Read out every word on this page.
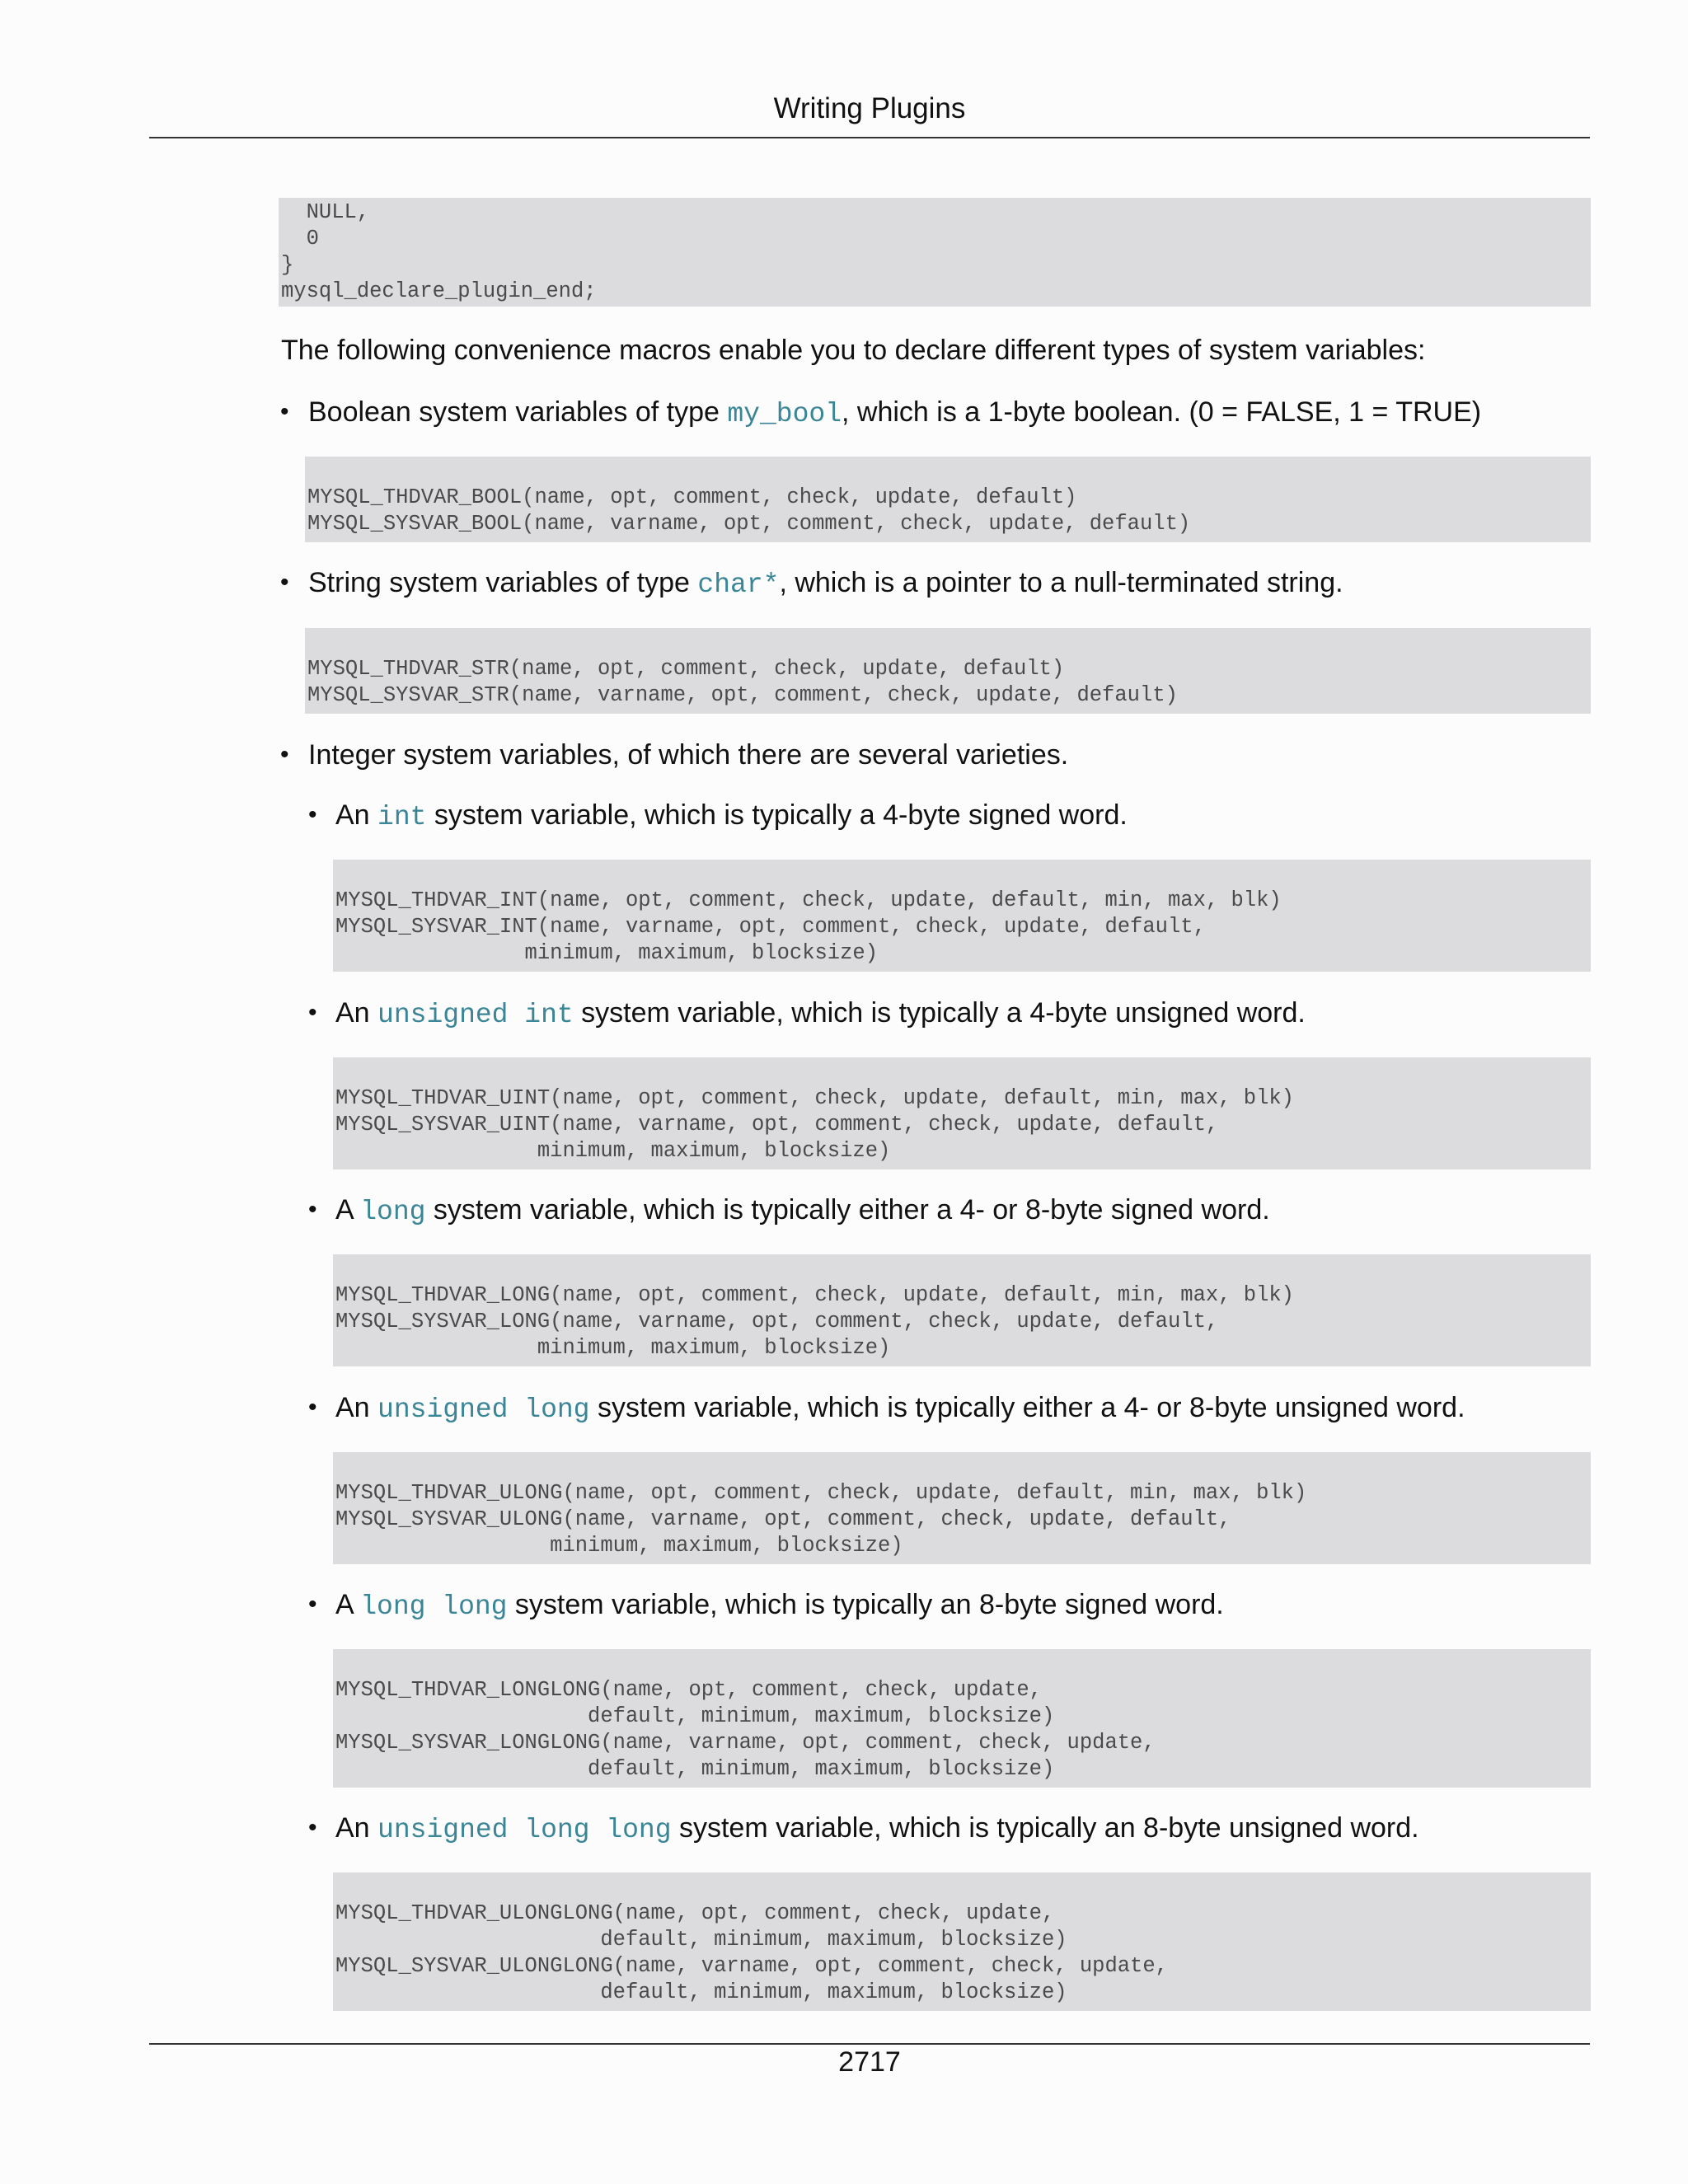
Writing Plugins
NULL,
0
}
mysql_declare_plugin_end;
The following convenience macros enable you to declare different types of system variables:
• Boolean system variables of type my_bool, which is a 1-byte boolean. (0 = FALSE, 1 = TRUE)
MYSQL_THDVAR_BOOL(name, opt, comment, check, update, default)
MYSQL_SYSVAR_BOOL(name, varname, opt, comment, check, update, default)
• String system variables of type char*, which is a pointer to a null-terminated string.
MYSQL_THDVAR_STR(name, opt, comment, check, update, default)
MYSQL_SYSVAR_STR(name, varname, opt, comment, check, update, default)
• Integer system variables, of which there are several varieties.
• An int system variable, which is typically a 4-byte signed word.
MYSQL_THDVAR_INT(name, opt, comment, check, update, default, min, max, blk)
MYSQL_SYSVAR_INT(name, varname, opt, comment, check, update, default,
minimum, maximum, blocksize)
• An unsigned int system variable, which is typically a 4-byte unsigned word.
MYSQL_THDVAR_UINT(name, opt, comment, check, update, default, min, max, blk)
MYSQL_SYSVAR_UINT(name, varname, opt, comment, check, update, default,
minimum, maximum, blocksize)
• A long system variable, which is typically either a 4- or 8-byte signed word.
MYSQL_THDVAR_LONG(name, opt, comment, check, update, default, min, max, blk)
MYSQL_SYSVAR_LONG(name, varname, opt, comment, check, update, default,
minimum, maximum, blocksize)
• An unsigned long system variable, which is typically either a 4- or 8-byte unsigned word.
MYSQL_THDVAR_ULONG(name, opt, comment, check, update, default, min, max, blk)
MYSQL_SYSVAR_ULONG(name, varname, opt, comment, check, update, default,
minimum, maximum, blocksize)
• A long long system variable, which is typically an 8-byte signed word.
MYSQL_THDVAR_LONGLONG(name, opt, comment, check, update,
default, minimum, maximum, blocksize)
MYSQL_SYSVAR_LONGLONG(name, varname, opt, comment, check, update,
default, minimum, maximum, blocksize)
• An unsigned long long system variable, which is typically an 8-byte unsigned word.
MYSQL_THDVAR_ULONGLONG(name, opt, comment, check, update,
default, minimum, maximum, blocksize)
MYSQL_SYSVAR_ULONGLONG(name, varname, opt, comment, check, update,
default, minimum, maximum, blocksize)
2717
